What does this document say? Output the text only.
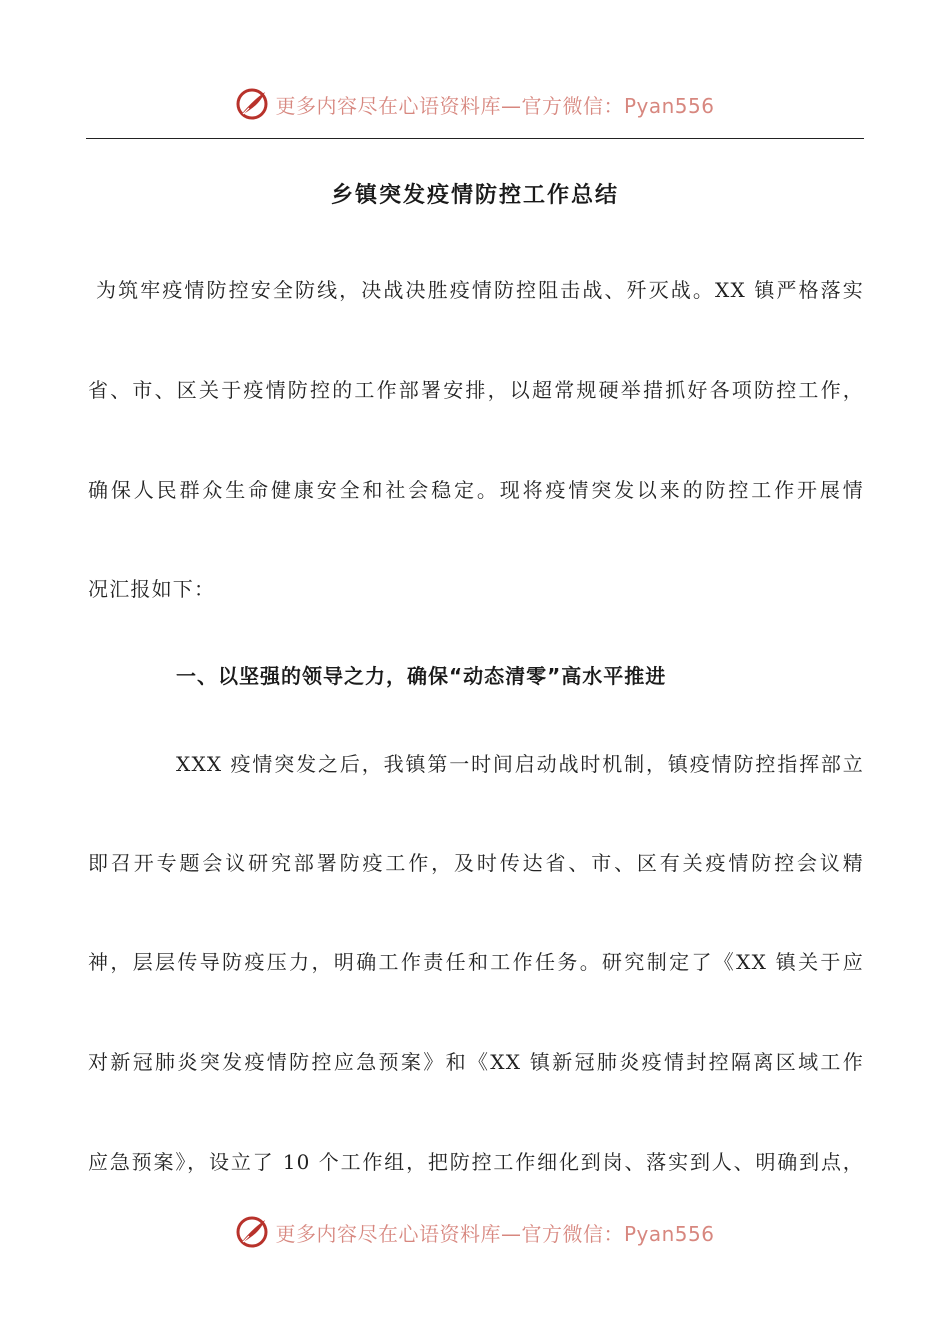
更多内容尽在心语资料库—官方微信：Pyan556
乡镇突发疫情防控工作总结
为筑牢疫情防控安全防线，决战决胜疫情防控阻击战、歼灭战。XX 镇严格落实
省、市、区关于疫情防控的工作部署安排，以超常规硬举措抓好各项防控工作，
确保人民群众生命健康安全和社会稳定。现将疫情突发以来的防控工作开展情
况汇报如下：
一、以坚强的领导之力，确保“动态清零”高水平推进
XXX 疫情突发之后，我镇第一时间启动战时机制，镇疫情防控指挥部立
即召开专题会议研究部署防疫工作，及时传达省、市、区有关疫情防控会议精
神，层层传导防疫压力，明确工作责任和工作任务。研究制定了《XX 镇关于应
对新冠肺炎突发疫情防控应急预案》和《XX 镇新冠肺炎疫情封控隔离区域工作
应急预案》，设立了 10 个工作组，把防控工作细化到岗、落实到人、明确到点，
更多内容尽在心语资料库—官方微信：Pyan556
